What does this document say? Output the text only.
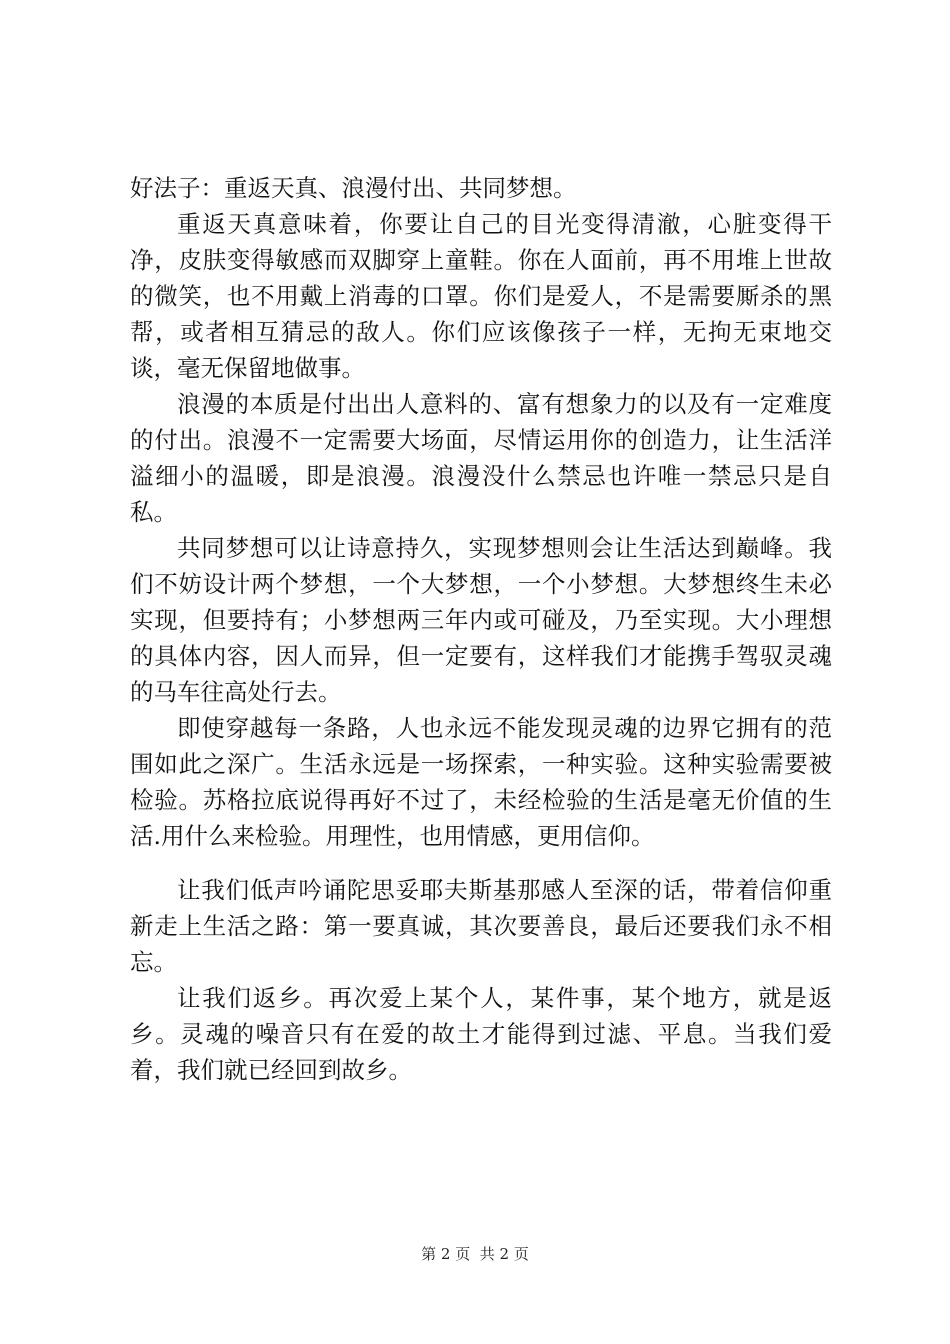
好法子：重返天真、浪漫付出、共同梦想。

重返天真意味着，你要让自己的目光变得清澈，心脏变得干净，皮肤变得敏感而双脚穿上童鞋。你在人面前，再不用堆上世故的微笑，也不用戴上消毒的口罩。你们是爱人，不是需要厮杀的黑帮，或者相互猜忌的敌人。你们应该像孩子一样，无拘无束地交谈，毫无保留地做事。

浪漫的本质是付出出人意料的、富有想象力的以及有一定难度的付出。浪漫不一定需要大场面，尽情运用你的创造力，让生活洋溢细小的温暖，即是浪漫。浪漫没什么禁忌也许唯一禁忌只是自私。

共同梦想可以让诗意持久，实现梦想则会让生活达到巅峰。我们不妨设计两个梦想，一个大梦想，一个小梦想。大梦想终生未必实现，但要持有；小梦想两三年内或可碰及，乃至实现。大小理想的具体内容，因人而异，但一定要有，这样我们才能携手驾驭灵魂的马车往高处行去。

即使穿越每一条路，人也永远不能发现灵魂的边界它拥有的范围如此之深广。生活永远是一场探索，一种实验。这种实验需要被检验。苏格拉底说得再好不过了，未经检验的生活是毫无价值的生活.用什么来检验。用理性，也用情感，更用信仰。

让我们低声吟诵陀思妥耶夫斯基那感人至深的话，带着信仰重新走上生活之路：第一要真诚，其次要善良，最后还要我们永不相忘。

让我们返乡。再次爱上某个人，某件事，某个地方，就是返乡。灵魂的噪音只有在爱的故土才能得到过滤、平息。当我们爱着，我们就已经回到故乡。

第 2 页  共 2 页
